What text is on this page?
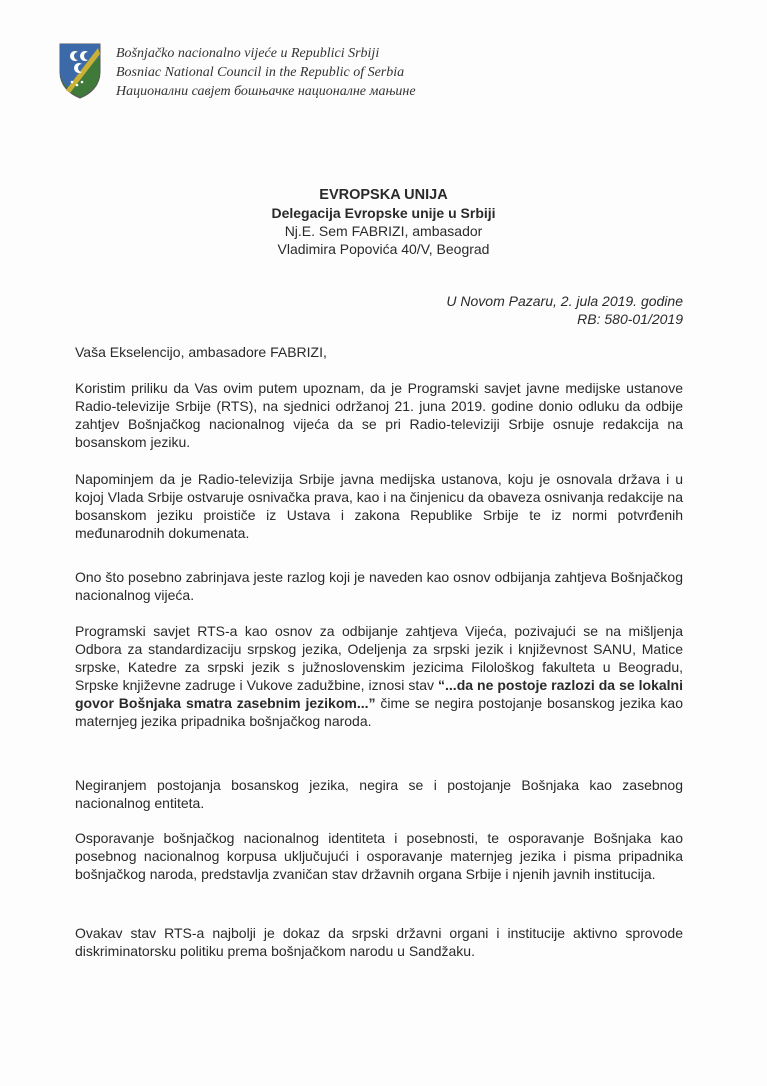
Bošnjačko nacionalno vijeće u Republici Srbiji
Bosniac National Council in the Republic of Serbia
Национални савјет бошњачке националне мањине
EVROPSKA UNIJA
Delegacija Evropske unije u Srbiji
Nj.E. Sem FABRIZI, ambasador
Vladimira Popovića 40/V, Beograd
U Novom Pazaru, 2. jula 2019. godine
RB: 580-01/2019
Vaša Ekselencijo, ambasadore FABRIZI,

Koristim priliku da Vas ovim putem upoznam, da je Programski savjet javne medijske ustanove Radio-televizije Srbije (RTS), na sjednici održanoj 21. juna 2019. godine donio odluku da odbije zahtjev Bošnjačkog nacionalnog vijeća da se pri Radio-televiziji Srbije osnuje redakcija na bosanskom jeziku.

Napominjem da je Radio-televizija Srbije javna medijska ustanova, koju je osnovala država i u kojoj Vlada Srbije ostvaruje osnivačka prava, kao i na činjenicu da obaveza osnivanja redakcije na bosanskom jeziku proističe iz Ustava i zakona Republike Srbije te iz normi potvrđenih međunarodnih dokumenata.

Ono što posebno zabrinjava jeste razlog koji je naveden kao osnov odbijanja zahtjeva Bošnjačkog nacionalnog vijeća.

Programski savjet RTS-a kao osnov za odbijanje zahtjeva Vijeća, pozivajući se na mišljenja Odbora za standardizaciju srpskog jezika, Odeljenja za srpski jezik i književnost SANU, Matice srpske, Katedre za srpski jezik s južnoslovenskim jezicima Filološkog fakulteta u Beogradu, Srpske književne zadruge i Vukove zadužbine, iznosi stav “...da ne postoje razlozi da se lokalni govor Bošnjaka smatra zasebnim jezikom...” čime se negira postojanje bosanskog jezika kao maternjeg jezika pripadnika bošnjačkog naroda.

Negiranjem postojanja bosanskog jezika, negira se i postojanje Bošnjaka kao zasebnog nacionalnog entiteta.

Osporavanje bošnjačkog nacionalnog identiteta i posebnosti, te osporavanje Bošnjaka kao posebnog nacionalnog korpusa uključujući i osporavanje maternjeg jezika i pisma pripadnika bošnjačkog naroda, predstavlja zvaničan stav državnih organa Srbije i njenih javnih institucija.

Ovakav stav RTS-a najbolji je dokaz da srpski državni organi i institucije aktivno sprovode diskriminatorsku politiku prema bošnjačkom narodu u Sandžaku.
